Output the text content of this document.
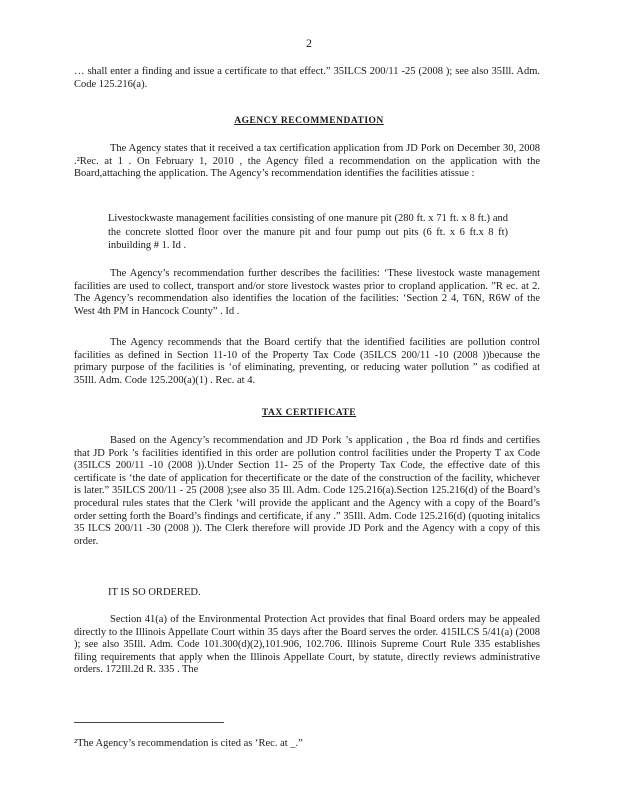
2
… shall enter a finding and issue a certificate to that effect.” 35ILCS 200/11 -25 (2008 ); see also 35Ill. Adm. Code 125.216(a).
AGENCY RECOMMENDATION
The Agency states that it received a tax certification application from JD Pork on December 30, 2008 .²Rec. at 1 . On February 1, 2010 , the Agency filed a recommendation on the application with the Board,attaching the application. The Agency’s recommendation identifies the facilities atissue :
Livestockwaste management facilities consisting of one manure pit (280 ft. x 71 ft. x 8 ft.) and the concrete slotted floor over the manure pit and four pump out pits (6 ft. x 6 ft.x 8 ft) inbuilding # 1. Id .
The Agency’s recommendation further describes the facilities: ‘These livestock waste management facilities are used to collect, transport and/or store livestock wastes prior to cropland application. ”R ec. at 2. The Agency’s recommendation also identifies the location of the facilities: ‘Section 2 4, T6N, R6W of the West 4th PM in Hancock County” . Id .
The Agency recommends that the Board certify that the identified facilities are pollution control facilities as defined in Section 11-10 of the Property Tax Code (35ILCS 200/11 -10 (2008 ))because the primary purpose of the facilities is ‘of eliminating, preventing, or reducing water pollution ” as codified at 35Ill. Adm. Code 125.200(a)(1) . Rec. at 4.
TAX CERTIFICATE
Based on the Agency’s recommendation and JD Pork ’s application , the Boa rd finds and certifies that JD Pork ’s facilities identified in this order are pollution control facilities under the Property T ax Code (35ILCS 200/11 -10 (2008 )).Under Section 11- 25 of the Property Tax Code, the effective date of this certificate is ‘the date of application for thecertificate or the date of the construction of the facility, whichever is later.” 35ILCS 200/11 - 25 (2008 );see also 35 Ill. Adm. Code 125.216(a).Section 125.216(d) of the Board’s procedural rules states that the Clerk ‘will provide the applicant and the Agency with a copy of the Board’s order setting forth the Board’s findings and certificate, if any .” 35Ill. Adm. Code 125.216(d) (quoting initalics 35 ILCS 200/11 -30 (2008 )). The Clerk therefore will provide JD Pork and the Agency with a copy of this order.
IT IS SO ORDERED.
Section 41(a) of the Environmental Protection Act provides that final Board orders may be appealed directly to the Illinois Appellate Court within 35 days after the Board serves the order. 415ILCS 5/41(a) (2008 ); see also 35Ill. Adm. Code 101.300(d)(2),101.906, 102.706. Illinois Supreme Court Rule 335 establishes filing requirements that apply when the Illinois Appellate Court, by statute, directly reviews administrative orders. 172Ill.2d R. 335 . The
²The Agency’s recommendation is cited as ‘Rec. at _.”
